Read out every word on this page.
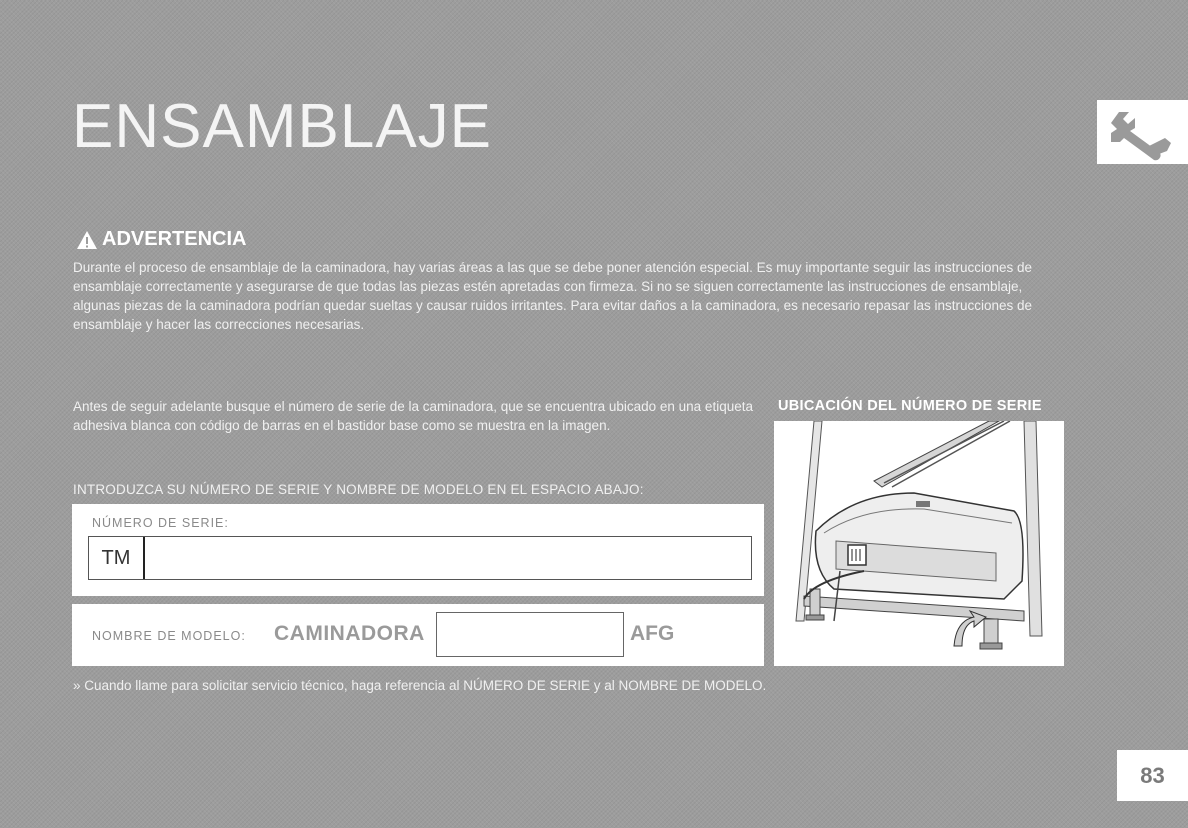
ENSAMBLAJE
ADVERTENCIA
Durante el proceso de ensamblaje de la caminadora, hay varias áreas a las que se debe poner atención especial. Es muy importante seguir las instrucciones de ensamblaje correctamente y asegurarse de que todas las piezas estén apretadas con firmeza. Si no se siguen correctamente las instrucciones de ensamblaje, algunas piezas de la caminadora podrían quedar sueltas y causar ruidos irritantes. Para evitar daños a la caminadora, es necesario repasar las instrucciones de ensamblaje y hacer las correcciones necesarias.
Antes de seguir adelante busque el número de serie de la caminadora, que se encuentra ubicado en una etiqueta adhesiva blanca con código de barras en el bastidor base como se muestra en la imagen.
INTRODUZCA SU NÚMERO DE SERIE Y NOMBRE DE MODELO EN EL ESPACIO ABAJO:
NÚMERO DE SERIE:
TM
NOMBRE DE MODELO: CAMINADORA	AFG
UBICACIÓN DEL NÚMERO DE SERIE
» Cuando llame para solicitar servicio técnico, haga referencia al NÚMERO DE SERIE y al NOMBRE DE MODELO.
83
